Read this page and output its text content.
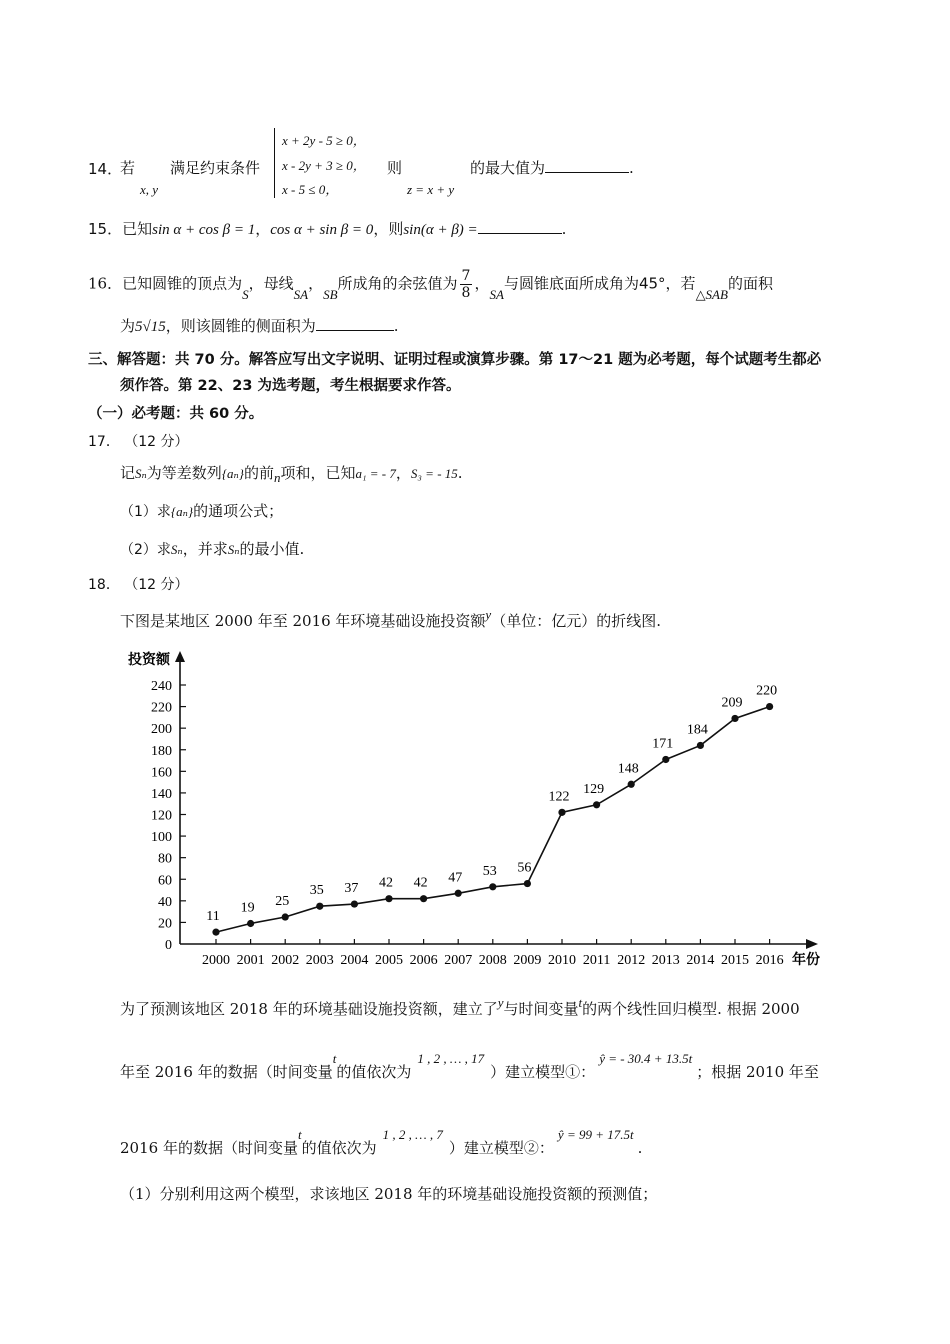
14．
若
x, y
满足约束条件
x + 2y - 5 ≥ 0，
x - 2y + 3 ≥ 0，
x - 5 ≤ 0，
则
z = x + y
的最大值为	.
15．已知sin α + cos β = 1，cos α + sin β = 0，则sin(α + β) =	.
16．已知圆锥的顶点为S，母线SA，SB所成角的余弦值为 $\frac{7}{8}$ ，SA与圆锥底面所成角为45°，若△SAB的面积
为5√15，则该圆锥的侧面积为	.
三、解答题：共 70 分。解答应写出文字说明、证明过程或演算步骤。第 17～21 题为必考题，每个试题考生都必
须作答。第 22、23 为选考题，考生根据要求作答。
（一）必考题：共 60 分。
17． （12 分）
记Sₙ为等差数列{aₙ}的前n项和，已知a₁ = - 7，S₃ = - 15.
（1）求{aₙ}的通项公式；
（2）求Sₙ，并求Sₙ的最小值.
18． （12 分）
下图是某地区 2000 年至 2016 年环境基础设施投资额y（单位：亿元）的折线图.
投资额
年份
0
20
40
60
80
100
120
140
160
180
200
220
240
2000 2001 2002 2003 2004 2005 2006 2007 2008 2009 2010 2011 2012 2013 2014 2015 2016
11
19 25
35 37 42 42 47 53 56
122
129
148
171
184
209
220
为了预测该地区 2018 年的环境基础设施投资额，建立了y与时间变量t的两个线性回归模型. 根据 2000
年至 2016 年的数据（时间变量t的值依次为1 , 2 , … , 17）建立模型①：ŷ = - 30.4 + 13.5t；根据 2010 年至
2016 年的数据（时间变量t的值依次为1 , 2 , … , 7）建立模型②：ŷ = 99 + 17.5t.
（1）分别利用这两个模型，求该地区 2018 年的环境基础设施投资额的预测值；
